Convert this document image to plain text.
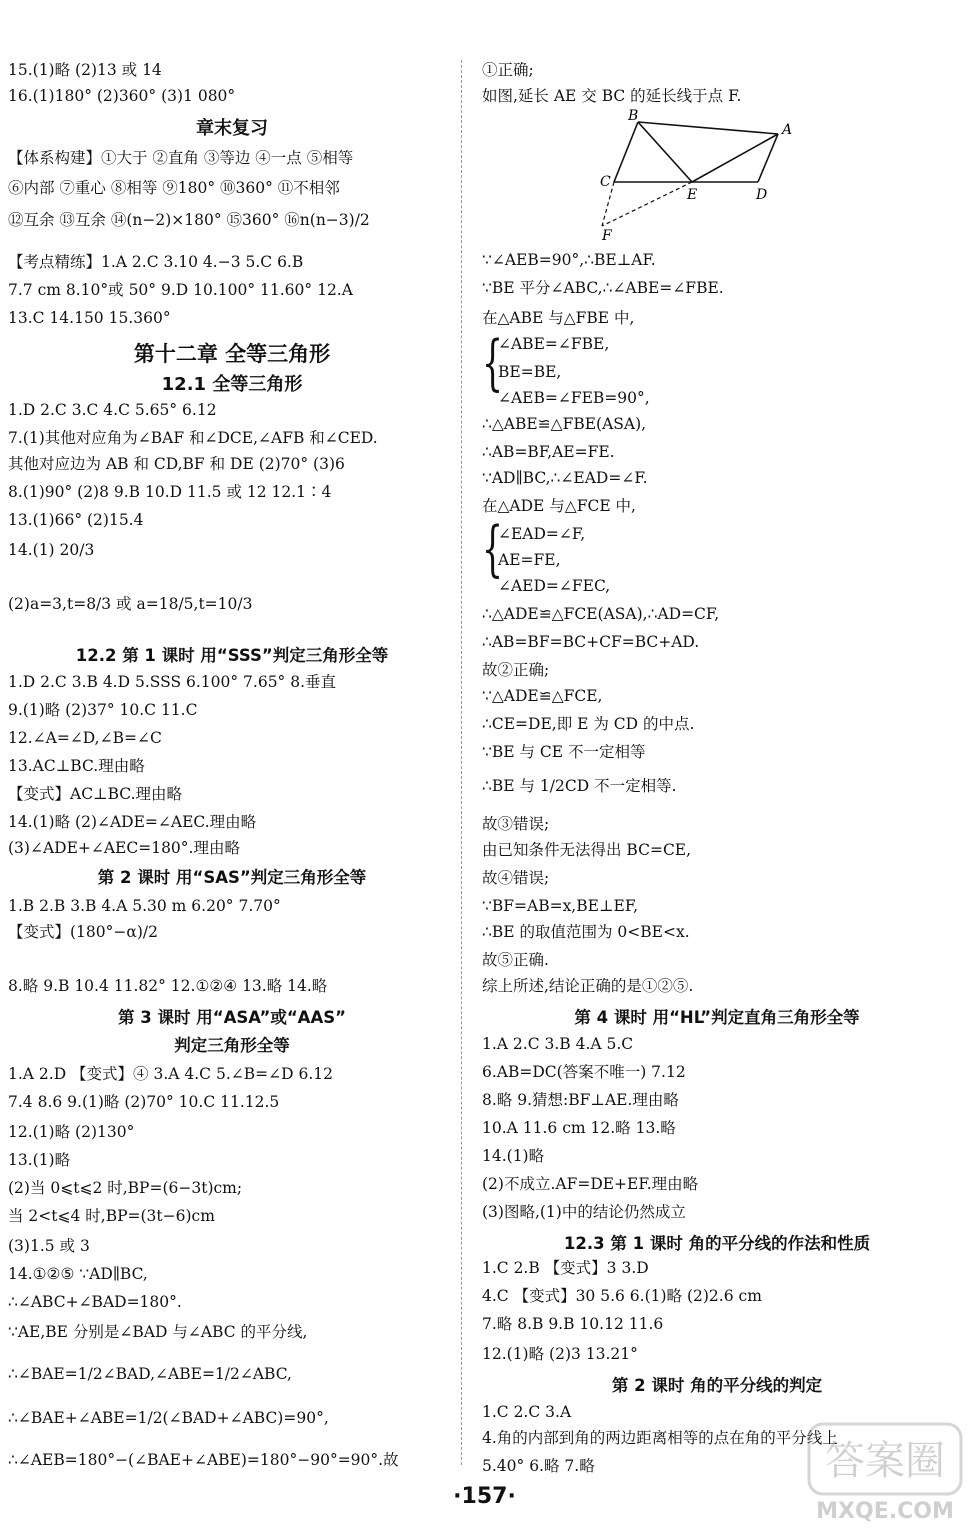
15.(1)略 (2)13 或 14
16.(1)180° (2)360° (3)1 080°
章末复习
【体系构建】①大于 ②直角 ③等边 ④一点 ⑤相等
⑥内部 ⑦重心 ⑧相等 ⑨180° ⑩360° ⑪不相邻
⑫互余 ⑬互余 ⑭(n−2)×180° ⑮360° ⑯n(n−3)/2
【考点精练】1.A 2.C 3.10 4.−3 5.C 6.B
7.7 cm 8.10°或 50° 9.D 10.100° 11.60° 12.A
13.C 14.150 15.360°
第十二章 全等三角形
12.1 全等三角形
1.D 2.C 3.C 4.C 5.65° 6.12
7.(1)其他对应角为∠BAF 和∠DCE,∠AFB 和∠CED.
其他对应边为 AB 和 CD,BF 和 DE (2)70° (3)6
8.(1)90° (2)8 9.B 10.D 11.5 或 12 12.1∶4
13.(1)66° (2)15.4
14.(1) 20/3
(2)a=3,t=8/3 或 a=18/5,t=10/3
12.2 第 1 课时 用“SSS”判定三角形全等
1.D 2.C 3.B 4.D 5.SSS 6.100° 7.65° 8.垂直
9.(1)略 (2)37° 10.C 11.C
12.∠A=∠D,∠B=∠C
13.AC⊥BC.理由略
【变式】AC⊥BC.理由略
14.(1)略 (2)∠ADE=∠AEC.理由略
(3)∠ADE+∠AEC=180°.理由略
第 2 课时 用“SAS”判定三角形全等
1.B 2.B 3.B 4.A 5.30 m 6.20° 7.70°
【变式】(180°−α)/2
8.略 9.B 10.4 11.82° 12.①②④ 13.略 14.略
第 3 课时 用“ASA”或“AAS”
判定三角形全等
1.A 2.D 【变式】④ 3.A 4.C 5.∠B=∠D 6.12
7.4 8.6 9.(1)略 (2)70° 10.C 11.12.5
12.(1)略 (2)130°
13.(1)略
(2)当 0⩽t⩽2 时,BP=(6−3t)cm;
当 2<t⩽4 时,BP=(3t−6)cm
(3)1.5 或 3
14.①②⑤ ∵AD∥BC,
∴∠ABC+∠BAD=180°.
∵AE,BE 分别是∠BAD 与∠ABC 的平分线,
∴∠BAE=1/2∠BAD,∠ABE=1/2∠ABC,
∴∠BAE+∠ABE=1/2(∠BAD+∠ABC)=90°,
∴∠AEB=180°−(∠BAE+∠ABE)=180°−90°=90°.故
①正确;
如图,延长 AE 交 BC 的延长线于点 F.
∵∠AEB=90°,∴BE⊥AF.
∵BE 平分∠ABC,∴∠ABE=∠FBE.
在△ABE 与△FBE 中,
∠ABE=∠FBE,
BE=BE,
∠AEB=∠FEB=90°,
∴△ABE≌△FBE(ASA),
∴AB=BF,AE=FE.
∵AD∥BC,∴∠EAD=∠F.
在△ADE 与△FCE 中,
∠EAD=∠F,
AE=FE,
∠AED=∠FEC,
∴△ADE≌△FCE(ASA),∴AD=CF,
∴AB=BF=BC+CF=BC+AD.
故②正确;
∵△ADE≌△FCE,
∴CE=DE,即 E 为 CD 的中点.
∵BE 与 CE 不一定相等
∴BE 与 1/2CD 不一定相等.
故③错误;
由已知条件无法得出 BC=CE,
故④错误;
∵BF=AB=x,BE⊥EF,
∴BE 的取值范围为 0<BE<x.
故⑤正确.
综上所述,结论正确的是①②⑤.
第 4 课时 用“HL”判定直角三角形全等
1.A 2.C 3.B 4.A 5.C
6.AB=DC(答案不唯一) 7.12
8.略 9.猜想:BF⊥AE.理由略
10.A 11.6 cm 12.略 13.略
14.(1)略
(2)不成立.AF=DE+EF.理由略
(3)图略,(1)中的结论仍然成立
12.3 第 1 课时 角的平分线的作法和性质
1.C 2.B 【变式】3 3.D
4.C 【变式】30 5.6 6.(1)略 (2)2.6 cm
7.略 8.B 9.B 10.12 11.6
12.(1)略 (2)3 13.21°
第 2 课时 角的平分线的判定
1.C 2.C 3.A
4.角的内部到角的两边距离相等的点在角的平分线上
5.40° 6.略 7.略
B
A
C
E	D
F
{
{
·157·
答案圈
MXQE.COM
